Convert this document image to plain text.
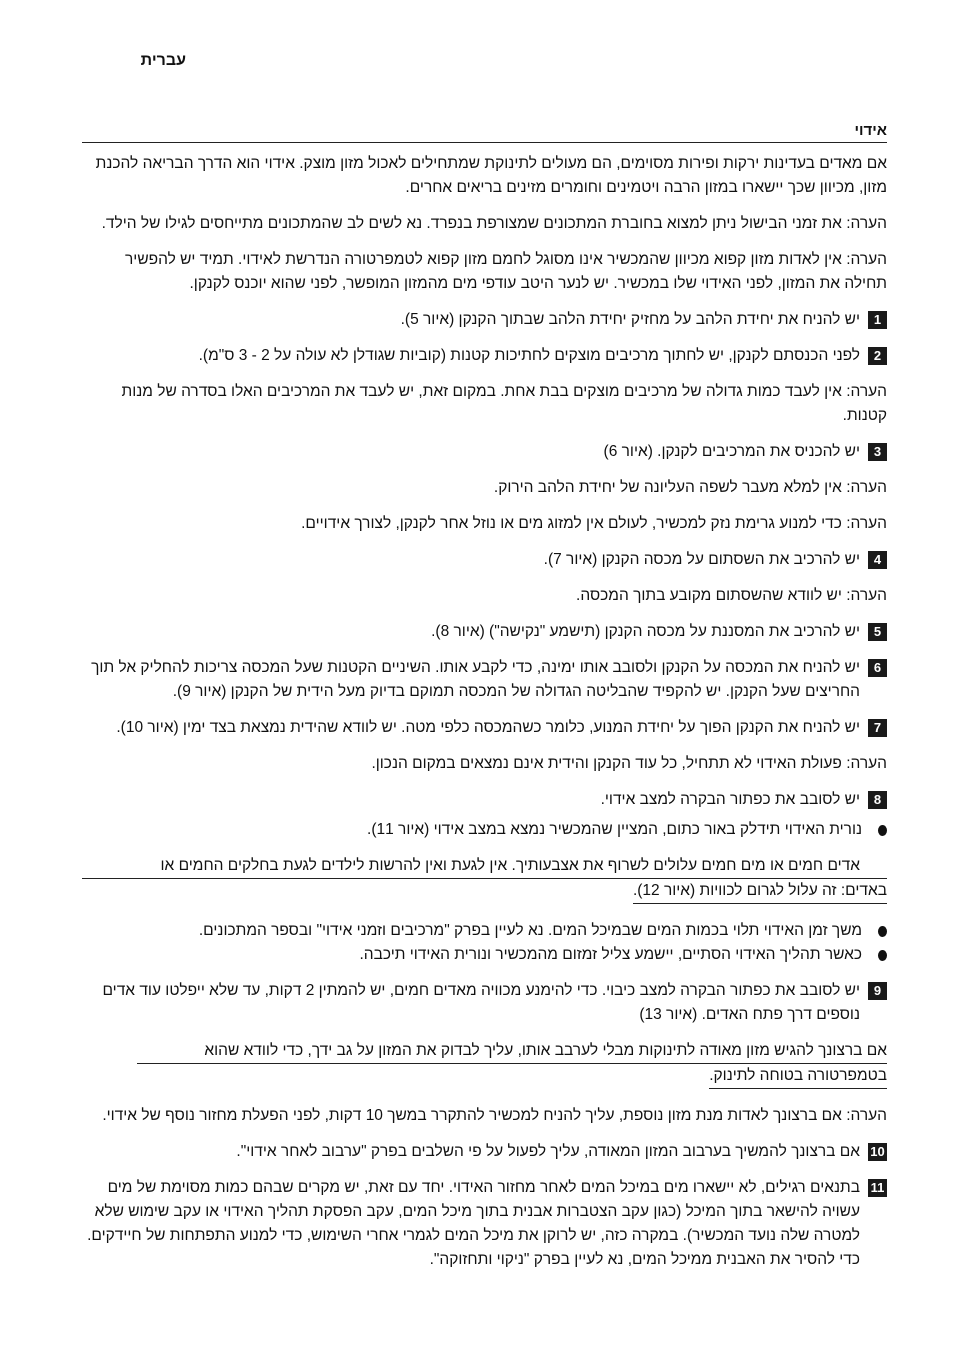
עברית
אידוי

אם מאדים בעדינות ירקות ופירות מסוימים, הם מעולים לתינוקת שמתחילים לאכול מזון מוצק. אידוי הוא הדרך הבריאה להכנת מזון, מכיוון שכך יישארו במזון הרבה ויטמינים וחומרים מזינים בריאים אחרים.

הערה: את זמני הבישול ניתן למצוא בחוברת המתכונים שמצורפת בנפרד. נא לשים לב שהמתכונים מתייחסים לגילו של הילד.

הערה: אין לאדות מזון קפוא מכיוון שהמכשיר אינו מסוגל לחמם מזון קפוא לטמפרטורה הנדרשת לאידוי. תמיד יש להפשיר תחילה את המזון, לפני האידוי שלו במכשיר. יש לנער היטב עודפי מים מהמזון המופשר, לפני שהוא יוכנס לקנקן.

1
יש להניח את יחידת הלהב על מחזיק יחידת הלהב שבתוך הקנקן (איור 5).
2
לפני הכנסתם לקנקן, יש לחתוך מרכיבים מוצקים לחתיכות קטנות (קוביות שגודלן לא עולה על 2 - 3 ס"מ).

הערה: אין לעבד כמות גדולה של מרכיבים מוצקים בבת אחת. במקום זאת, יש לעבד את המרכיבים האלו בסדרה של מנות קטנות.

3
יש להכניס את המרכיבים לקנקן. (איור 6)

הערה: אין למלא מעבר לשפה העליונה של יחידת הלהב הירוק.

הערה: כדי למנוע גרימת נזק למכשיר, לעולם אין למזוג מים או נוזל אחר לקנקן, לצורך אידויים.

4
יש להרכיב את השסתום על מכסה הקנקן (איור 7).

הערה: יש לוודא שהשסתום מקובע בתוך המכסה.

5
יש להרכיב את המסננת על מכסה הקנקן (תישמע "נקישה") (איור 8).
6
יש להניח את המכסה על הקנקן ולסובב אותו ימינה, כדי לקבע אותו. השיניים הקטנות שעל המכסה צריכות להחליק אל תוך החריצים שעל הקנקן. יש להקפיד שהבליטה הגדולה של המכסה תמוקם בדיוק מעל הידית של הקנקן (איור 9).
7
יש להניח את הקנקן הפוך על יחידת המנוע, כלומר כשהמכסה כלפי מטה. יש לוודא שהידית נמצאת בצד ימין (איור 10).

הערה: פעולת האידוי לא תתחיל, כל עוד הקנקן והידית אינם נמצאים במקום הנכון.

8
יש לסובב את כפתור הבקרה למצב אידוי.
נורית האידוי תידלק באור כתום, המציין שהמכשיר נמצא במצב אידוי (איור 11).
אדים חמים או מים חמים עלולים לשרוף את אצבעותיך. אין לגעת ואין להרשות לילדים לגעת בחלקים החמים או
באדים: זה עלול לגרום לכוויות (איור 12).
משך זמן האידוי תלוי בכמות המים שבמיכל המים. נא לעיין בפרק "מרכיבים וזמני אידוי" ובספר המתכונים.
כאשר תהליך האידוי הסתיים, יישמע צליל זמזום מהמכשיר ונורית האידוי תיכבה.
9
יש לסובב את כפתור הבקרה למצב כיבוי. כדי להימנע מכוויה מאדים חמים, יש להמתין 2 דקות, עד שלא ייפלטו עוד אדים נוספים דרך פתח האדים. (איור 13)
אם ברצונך להגיש מזון מאודה לתינוקות מבלי לערבב אותו, עליך לבדוק את המזון על גב ידך, כדי לוודא שהוא
בטמפרטורה בטוחה לתינוק.

הערה: אם ברצונך לאדות מנת מזון נוספת, עליך להניח למכשיר להתקרר במשך 10 דקות, לפני הפעלת מחזור נוסף של אידוי.

10
אם ברצונך להמשיך בערבוב המזון המאודה, עליך לפעול על פי השלבים בפרק "ערבוב לאחר אידוי".
11
בתנאים רגילים, לא יישארו מים במיכל המים לאחר מחזור האידוי. יחד עם זאת, יש מקרים שבהם כמות מסוימת של מים עשויה להישאר בתוך המיכל (כגון עקב הצטברות אבנית בתוך מיכל המים, עקב הפסקת תהליך האידוי או עקב שימוש שלא למטרה שלה נועד המכשיר). במקרה כזה, יש לרוקן את מיכל המים לגמרי אחרי השימוש, כדי למנוע התפתחות של חיידקים. כדי להסיר את האבנית ממיכל המים, נא לעיין בפרק "ניקוי ותחזוקה".
